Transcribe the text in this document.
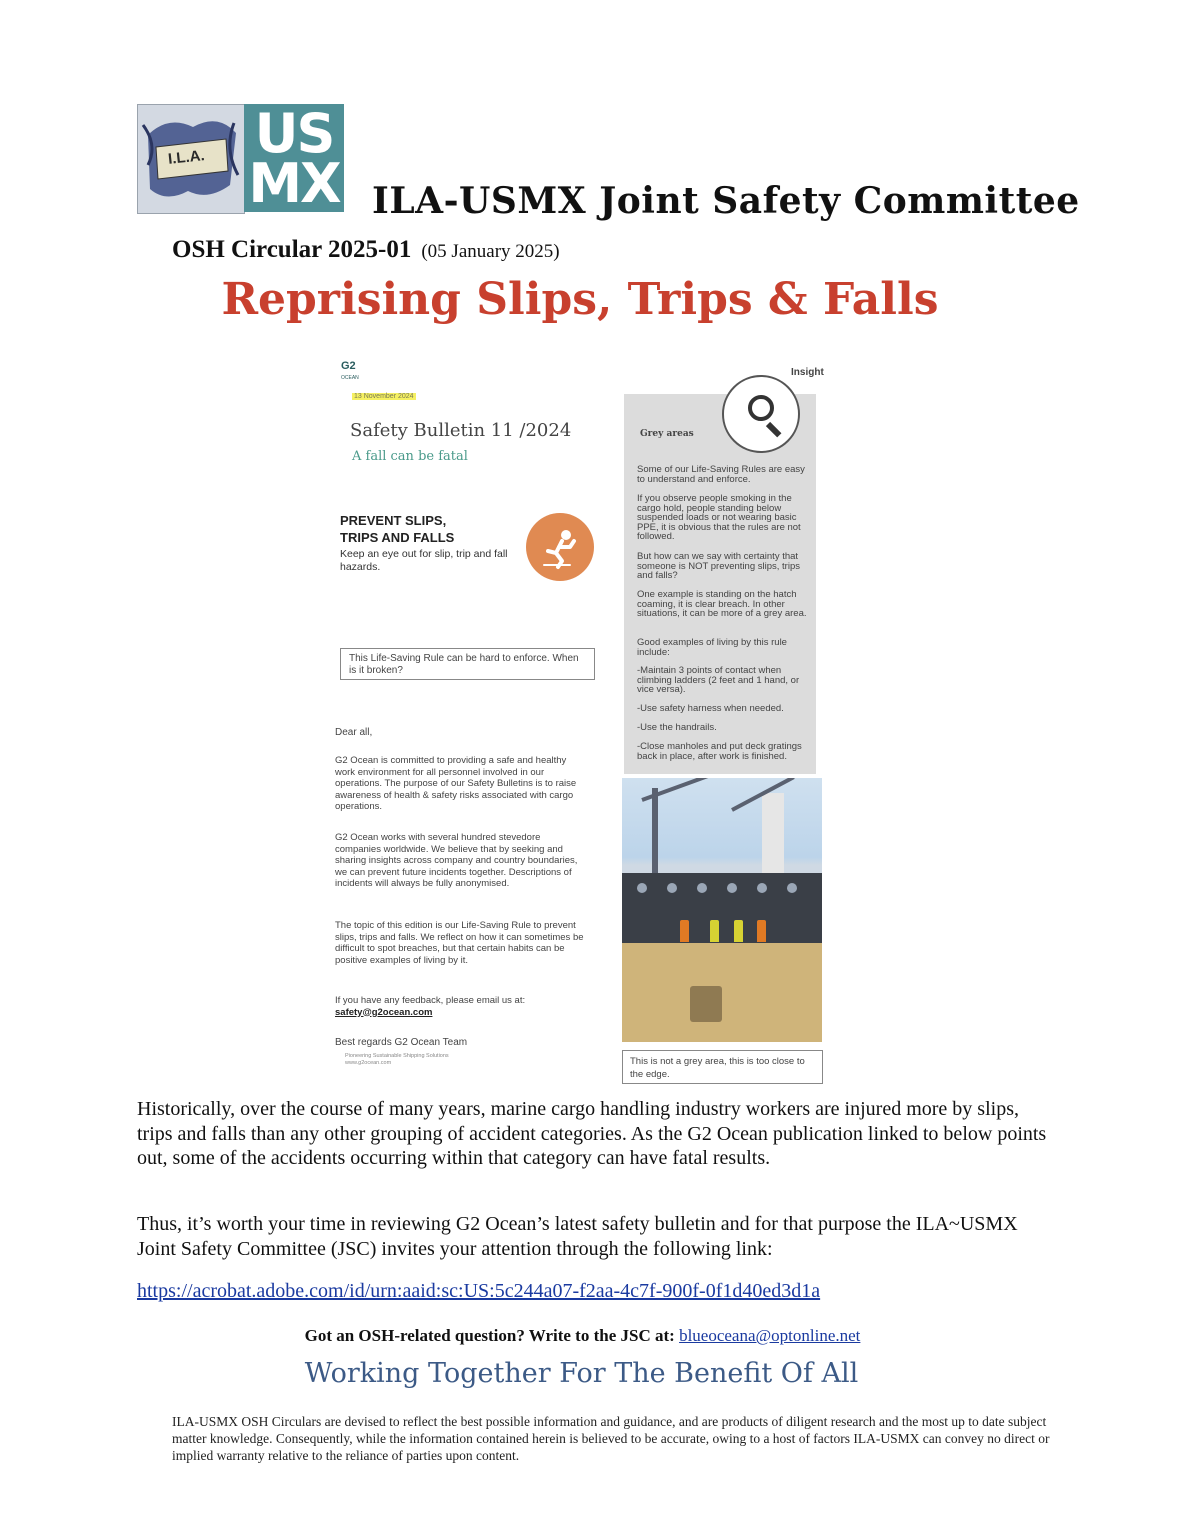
I.L.A. US
MX ILA-USMX Joint Safety Committee
OSH Circular 2025-01 (05 January 2025)
Reprising Slips, Trips & Falls
G2
OCEAN
13 November 2024
Safety Bulletin 11 /2024
A fall can be fatal
PREVENT SLIPS,
TRIPS AND FALLS
Keep an eye out for slip, trip and fall hazards.
This Life-Saving Rule can be hard to enforce. When is it broken?
Dear all,
G2 Ocean is committed to providing a safe and healthy work environment for all personnel involved in our operations. The purpose of our Safety Bulletins is to raise awareness of health & safety risks associated with cargo operations.
G2 Ocean works with several hundred stevedore companies worldwide. We believe that by seeking and sharing insights across company and country boundaries, we can prevent future incidents together. Descriptions of incidents will always be fully anonymised.
The topic of this edition is our Life-Saving Rule to prevent slips, trips and falls. We reflect on how it can sometimes be difficult to spot breaches, but that certain habits can be positive examples of living by it.
If you have any feedback, please email us at: safety@g2ocean.com
Best regards G2 Ocean Team
Pioneering Sustainable Shipping Solutions
www.g2ocean.com
Insight
Grey areas
Some of our Life-Saving Rules are easy to understand and enforce.
If you observe people smoking in the cargo hold, people standing below suspended loads or not wearing basic PPE, it is obvious that the rules are not followed.
But how can we say with certainty that someone is NOT preventing slips, trips and falls?
One example is standing on the hatch coaming, it is clear breach. In other situations, it can be more of a grey area.
Good examples of living by this rule include:
-Maintain 3 points of contact when climbing ladders (2 feet and 1 hand, or vice versa).
-Use safety harness when needed.
-Use the handrails.
-Close manholes and put deck gratings back in place, after work is finished.
This is not a grey area, this is too close to the edge.
Historically, over the course of many years, marine cargo handling industry workers are injured more by slips, trips and falls than any other grouping of accident categories. As the G2 Ocean publication linked to below points out, some of the accidents occurring within that category can have fatal results.
Thus, it’s worth your time in reviewing G2 Ocean’s latest safety bulletin and for that purpose the ILA~USMX Joint Safety Committee (JSC) invites your attention through the following link:
https://acrobat.adobe.com/id/urn:aaid:sc:US:5c244a07-f2aa-4c7f-900f-0f1d40ed3d1a
Got an OSH-related question? Write to the JSC at: blueoceana@optonline.net
Working Together For The Benefit Of All
ILA-USMX OSH Circulars are devised to reflect the best possible information and guidance, and are products of diligent research and the most up to date subject matter knowledge. Consequently, while the information contained herein is believed to be accurate, owing to a host of factors ILA-USMX can convey no direct or implied warranty relative to the reliance of parties upon content.
